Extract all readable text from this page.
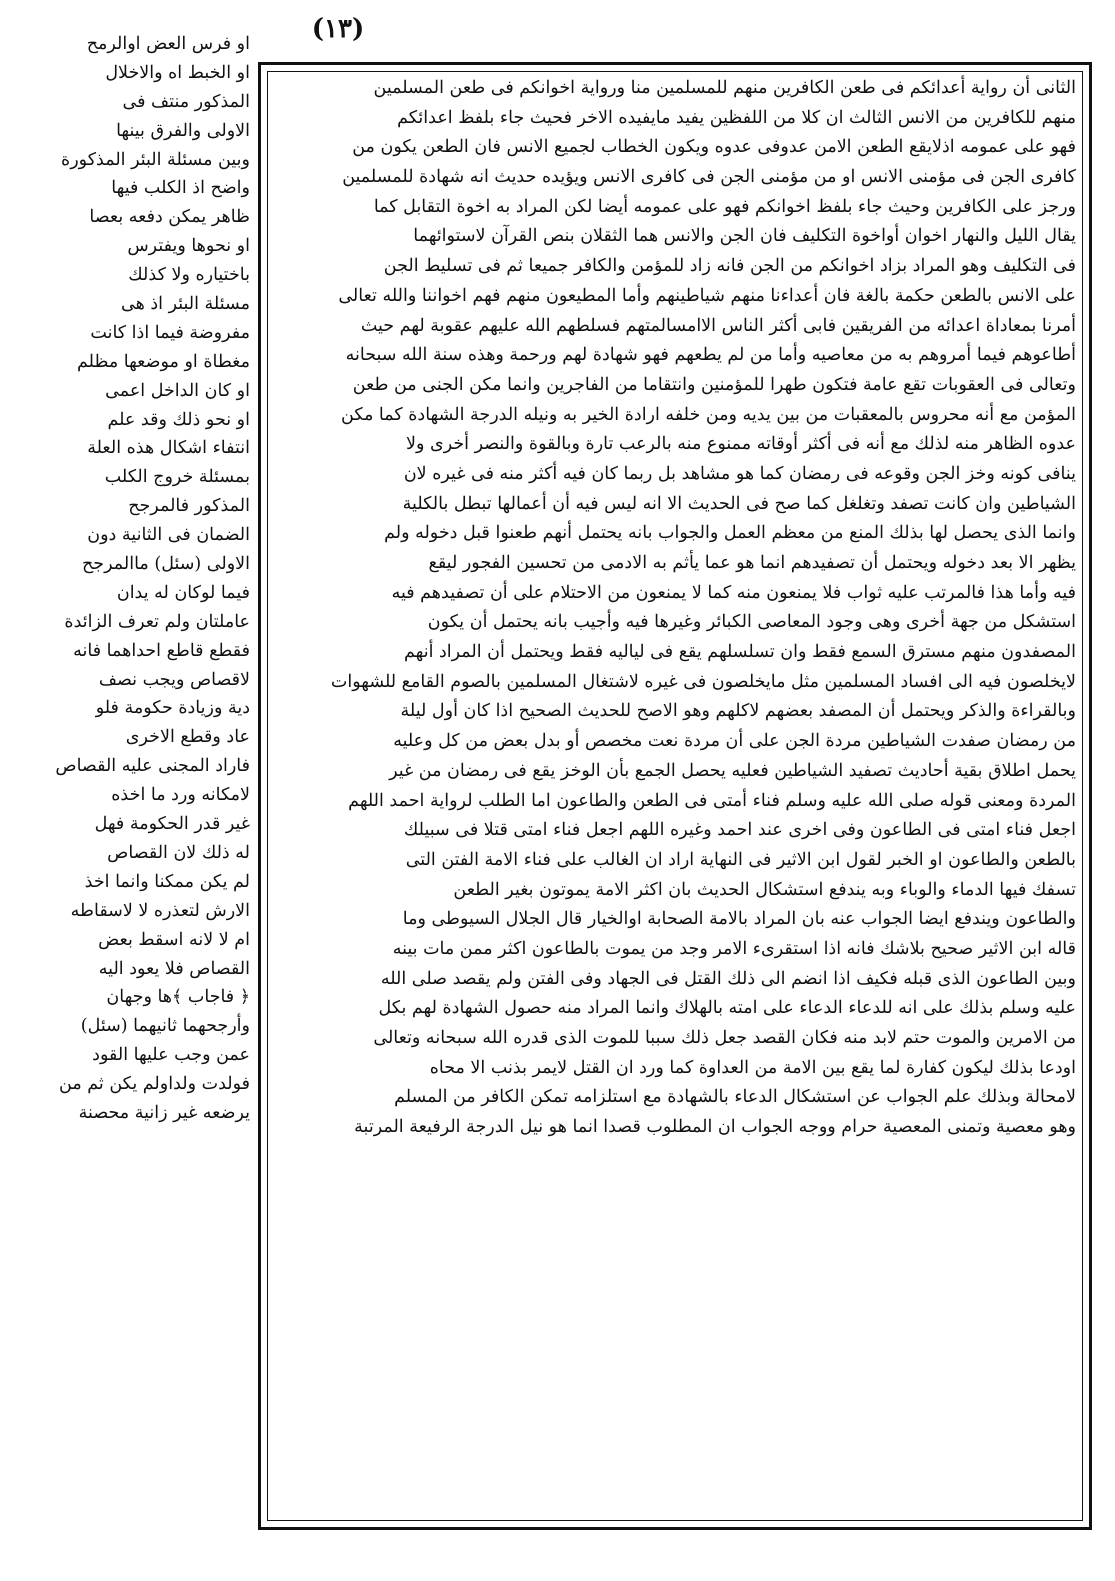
(١٣)
الثانى أن رواية أعدائكم فى طعن الكافرين منهم للمسلمين منا ورواية اخوانكم فى طعن المسلمين
منهم للكافرين من الانس الثالث ان كلا من اللفظين يفيد مايفيده الاخر فحيث جاء بلفظ اعدائكم
فهو على عمومه اذلايقع الطعن الامن عدوفى عدوه ويكون الخطاب لجميع الانس فان الطعن يكون من
كافرى الجن فى مؤمنى الانس او من مؤمنى الجن فى كافرى الانس ويؤيده حديث انه شهادة للمسلمين
ورجز على الكافرين وحيث جاء بلفظ اخوانكم فهو على عمومه أيضا لكن المراد به اخوة التقابل كما
يقال الليل والنهار اخوان أواخوة التكليف فان الجن والانس هما الثقلان بنص القرآن لاستوائهما
فى التكليف وهو المراد بزاد اخوانكم من الجن فانه زاد للمؤمن والكافر جميعا ثم فى تسليط الجن
على الانس بالطعن حكمة بالغة فان أعداءنا منهم شياطينهم وأما المطيعون منهم فهم اخواننا والله تعالى
أمرنا بمعاداة اعدائه من الفريقين فابى أكثر الناس الاامسالمتهم فسلطهم الله عليهم عقوبة لهم حيث
أطاعوهم فيما أمروهم به من معاصيه وأما من لم يطعهم فهو شهادة لهم ورحمة وهذه سنة الله سبحانه
وتعالى فى العقوبات تقع عامة فتكون طهرا للمؤمنين وانتقاما من الفاجرين وانما مكن الجنى من طعن
المؤمن مع أنه محروس بالمعقبات من بين يديه ومن خلفه ارادة الخير به ونيله الدرجة الشهادة كما مكن
عدوه الظاهر منه لذلك مع أنه فى أكثر أوقاته ممنوع منه بالرعب تارة وبالقوة والنصر أخرى ولا
ينافى كونه وخز الجن وقوعه فى رمضان كما هو مشاهد بل ربما كان فيه أكثر منه فى غيره لان
الشياطين وان كانت تصفد وتغلغل كما صح فى الحديث الا انه ليس فيه أن أعمالها تبطل بالكلية
وانما الذى يحصل لها بذلك المنع من معظم العمل والجواب بانه يحتمل أنهم طعنوا قبل دخوله ولم
يظهر الا بعد دخوله ويحتمل أن تصفيدهم انما هو عما يأثم به الادمى من تحسين الفجور ليقع
فيه وأما هذا فالمرتب عليه ثواب فلا يمنعون منه كما لا يمنعون من الاحتلام على أن تصفيدهم فيه
استشكل من جهة أخرى وهى وجود المعاصى الكبائر وغيرها فيه وأجيب بانه يحتمل أن يكون
المصفدون منهم مسترق السمع فقط وان تسلسلهم يقع فى لياليه فقط ويحتمل أن المراد أنهم
لايخلصون فيه الى افساد المسلمين مثل مايخلصون فى غيره لاشتغال المسلمين بالصوم القامع للشهوات
وبالقراءة والذكر ويحتمل أن المصفد بعضهم لاكلهم وهو الاصح للحديث الصحيح اذا كان أول ليلة
من رمضان صفدت الشياطين مردة الجن على أن مردة نعت مخصص أو بدل بعض من كل وعليه
يحمل اطلاق بقية أحاديث تصفيد الشياطين فعليه يحصل الجمع بأن الوخز يقع فى رمضان من غير
المردة ومعنى قوله صلى الله عليه وسلم فناء أمتى فى الطعن والطاعون اما الطلب لرواية احمد اللهم
اجعل فناء امتى فى الطاعون وفى اخرى عند احمد وغيره اللهم اجعل فناء امتى قتلا فى سبيلك
بالطعن والطاعون او الخبر لقول ابن الاثير فى النهاية اراد ان الغالب على فناء الامة الفتن التى
تسفك فيها الدماء والوباء وبه يندفع استشكال الحديث بان اكثر الامة يموتون بغير الطعن
والطاعون ويندفع ايضا الجواب عنه بان المراد بالامة الصحابة اوالخيار قال الجلال السيوطى وما
قاله ابن الاثير صحيح بلاشك فانه اذا استقرىء الامر وجد من يموت بالطاعون اكثر ممن مات بينه
وبين الطاعون الذى قبله فكيف اذا انضم الى ذلك القتل فى الجهاد وفى الفتن ولم يقصد صلى الله
عليه وسلم بذلك على انه للدعاء الدعاء على امته بالهلاك وانما المراد منه حصول الشهادة لهم بكل
من الامرين والموت حتم لابد منه فكان القصد جعل ذلك سببا للموت الذى قدره الله سبحانه وتعالى
اودعا بذلك ليكون كفارة لما يقع بين الامة من العداوة كما ورد ان القتل لايمر بذنب الا محاه
لامحالة وبذلك علم الجواب عن استشكال الدعاء بالشهادة مع استلزامه تمكن الكافر من المسلم
وهو معصية وتمنى المعصية حرام ووجه الجواب ان المطلوب قصدا انما هو نيل الدرجة الرفيعة المرتبة
او فرس العض اوالرمح
او الخبط اه والاخلال
المذكور منتف فى
الاولى والفرق بينها
وبين مسئلة البئر المذكورة
واضح اذ الكلب فيها
ظاهر يمكن دفعه بعصا
او نحوها ويفترس
باختياره ولا كذلك
مسئلة البئر اذ هى
مفروضة فيما اذا كانت
مغطاة او موضعها مظلم
او كان الداخل اعمى
او نحو ذلك وقد علم
انتفاء اشكال هذه العلة
بمسئلة خروج الكلب
المذكور فالمرجح
الضمان فى الثانية دون
الاولى (سئل) ماالمرجح
فيما لوكان له يدان
عاملتان ولم تعرف الزائدة
فقطع قاطع احداهما فانه
لاقصاص ويجب نصف
دية وزيادة حكومة فلو
عاد وقطع الاخرى
فاراد المجنى عليه القصاص
لامكانه ورد ما اخذه
غير قدر الحكومة فهل
له ذلك لان القصاص
لم يكن ممكنا وانما اخذ
الارش لتعذره لا لاسقاطه
ام لا لانه اسقط بعض
القصاص فلا يعود اليه
﴿ فاجاب ﴾ها وجهان
وأرجحهما ثانيهما (سئل)
عمن وجب عليها القود
فولدت ولداولم يكن ثم من
يرضعه غير زانية محصنة
